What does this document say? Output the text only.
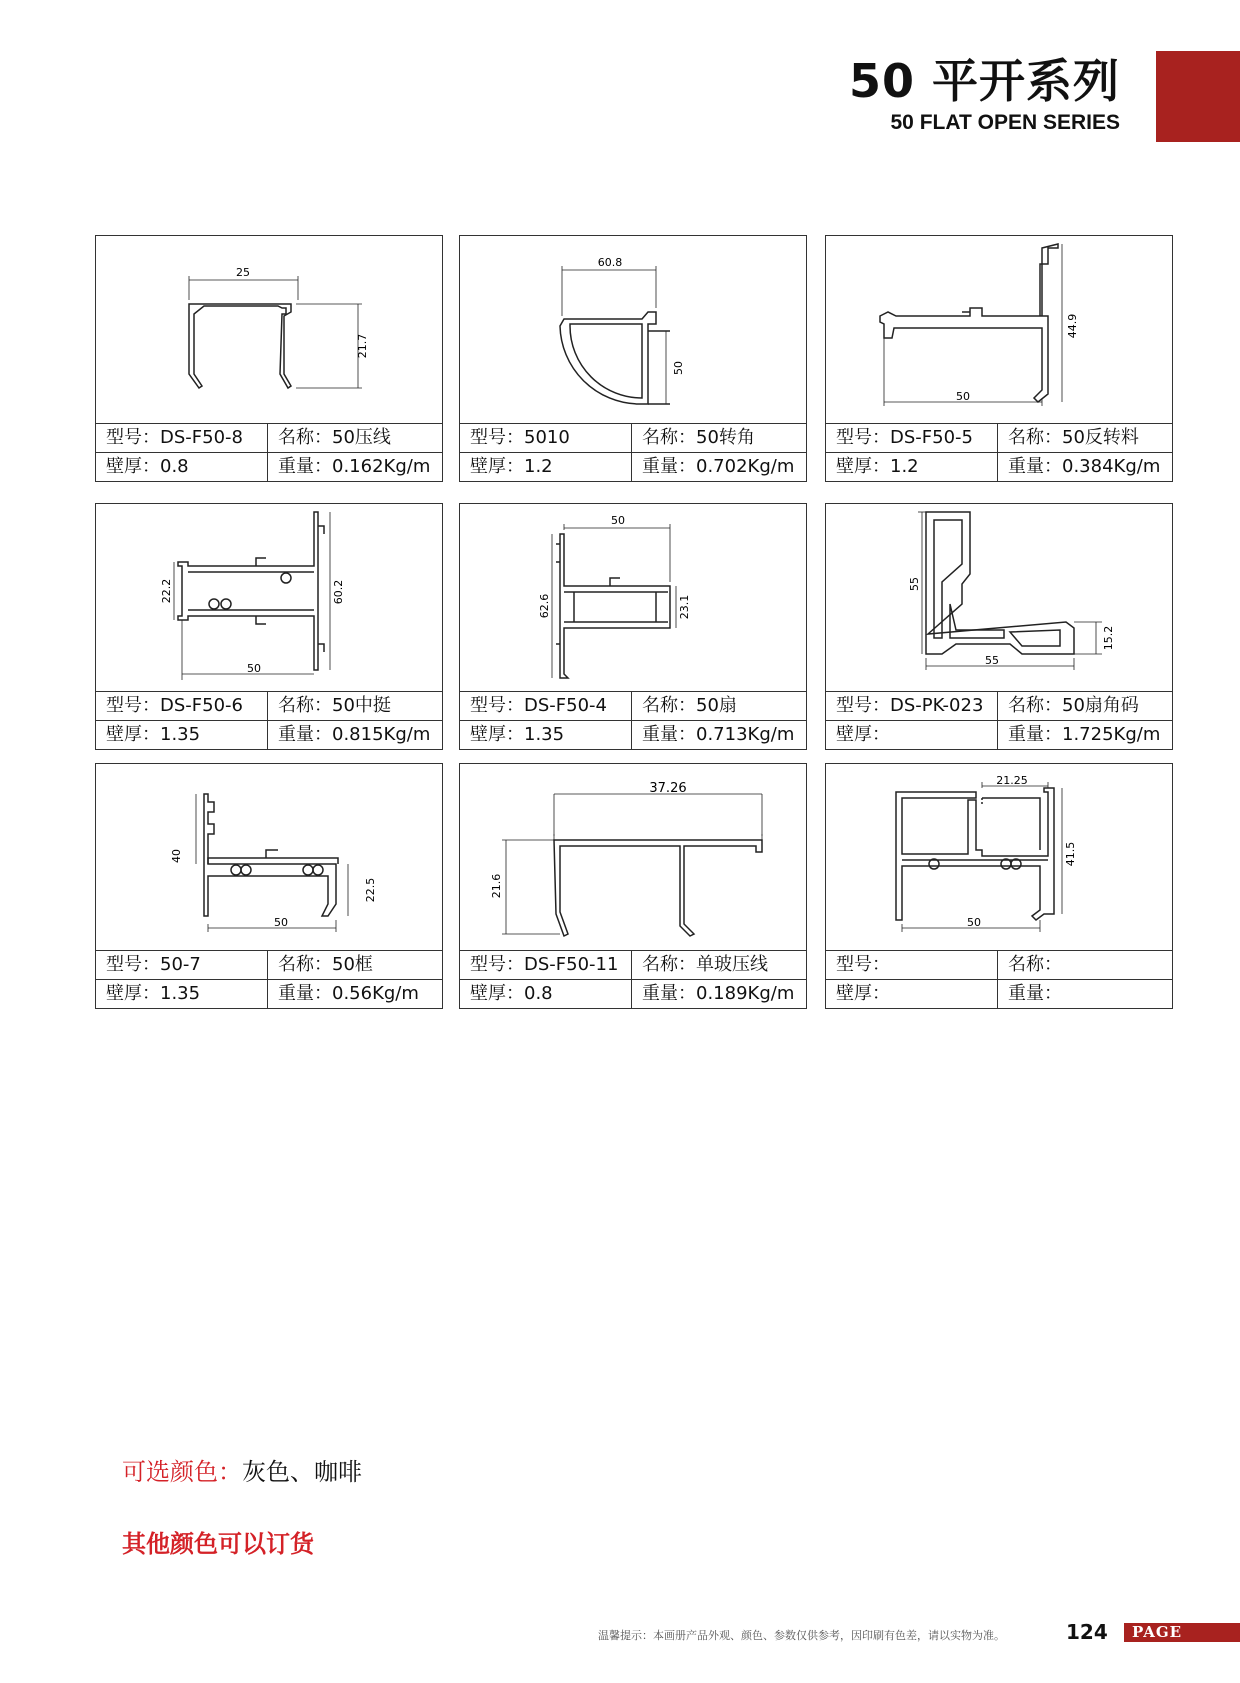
50 平开系列
50 FLAT OPEN SERIES
25
21.7
型号：DS-F50-8	名称：50压线
壁厚：0.8	重量：0.162Kg/m
60.8
50
型号：5010	名称：50转角
壁厚：1.2	重量：0.702Kg/m
44.9
50
型号：DS-F50-5	名称：50反转料
壁厚：1.2	重量：0.384Kg/m
22.2	60.2
50
型号：DS-F50-6	名称：50中挺
壁厚：1.35	重量：0.815Kg/m
50
62.6	23.1
型号：DS-F50-4	名称：50扇
壁厚：1.35	重量：0.713Kg/m
55
55
15.2
型号：DS-PK-023	名称：50扇角码
壁厚：	重量：1.725Kg/m
40
22.5
50
型号：50-7	名称：50框
壁厚：1.35	重量：0.56Kg/m
37.26
21.6
型号：DS-F50-11	名称：单玻压线
壁厚：0.8	重量：0.189Kg/m
21.25
41.5
50
型号：	名称：
壁厚：	重量：
可选颜色：灰色、咖啡
其他颜色可以订货
温馨提示：本画册产品外观、颜色、参数仅供参考，因印刷有色差，请以实物为准。	124 PAGE
